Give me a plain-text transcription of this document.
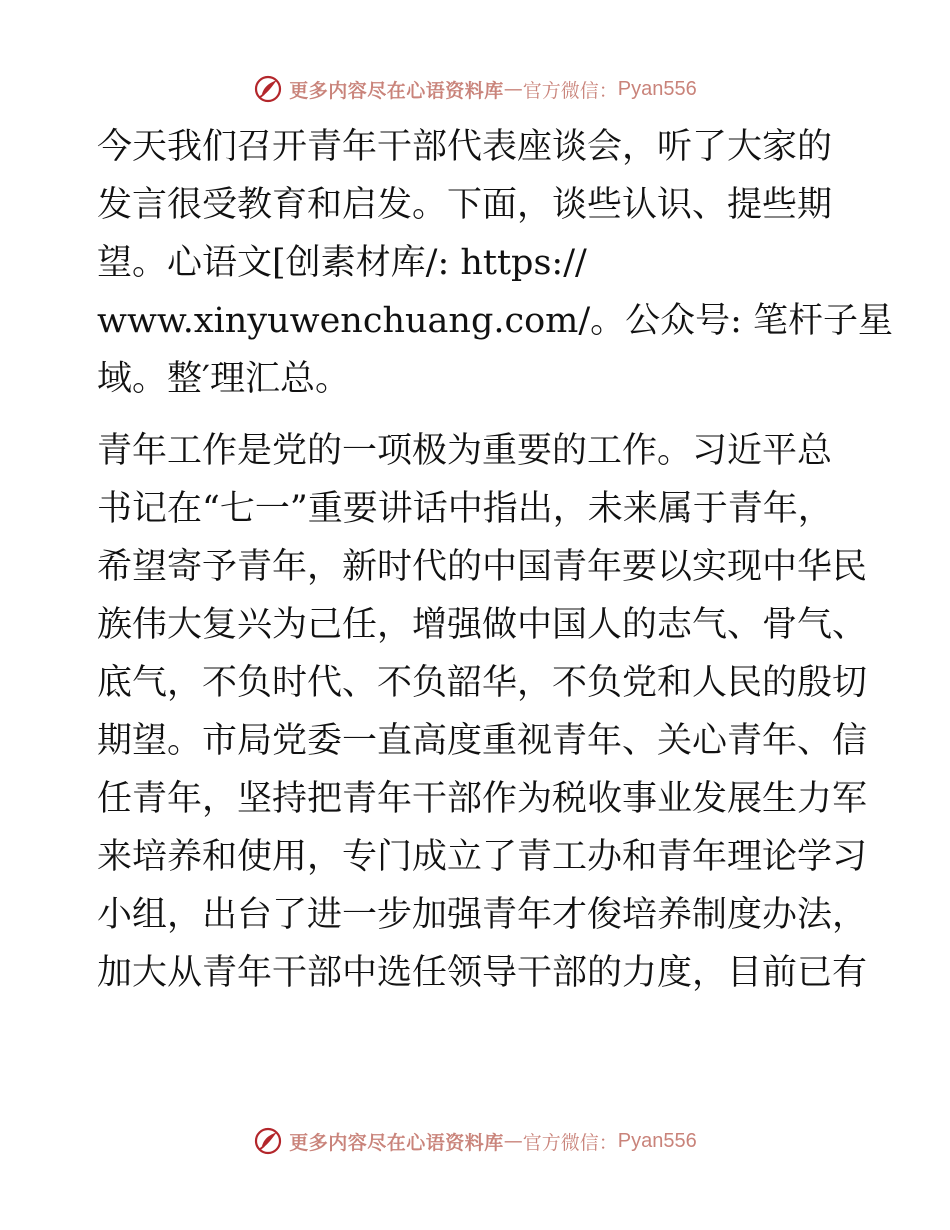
更多内容尽在心语资料库 — 官方微信： Pyan556

今天我们召开青年干部代表座谈会，听了大家的
发言很受教育和启发。下面，谈些认识、提些期
望。心语文[创素材库/: https://
www.xinyuwenchuang.com/。公众号: 笔杆子星
域。整′理汇总。

青年工作是党的一项极为重要的工作。习近平总
书记在“七一”重要讲话中指出，未来属于青年，
希望寄予青年，新时代的中国青年要以实现中华民
族伟大复兴为己任，增强做中国人的志气、骨气、
底气，不负时代、不负韶华，不负党和人民的殷切
期望。市局党委一直高度重视青年、关心青年、信
任青年，坚持把青年干部作为税收事业发展生力军
来培养和使用，专门成立了青工办和青年理论学习
小组，出台了进一步加强青年才俊培养制度办法，
加大从青年干部中选任领导干部的力度，目前已有

更多内容尽在心语资料库 — 官方微信： Pyan556
